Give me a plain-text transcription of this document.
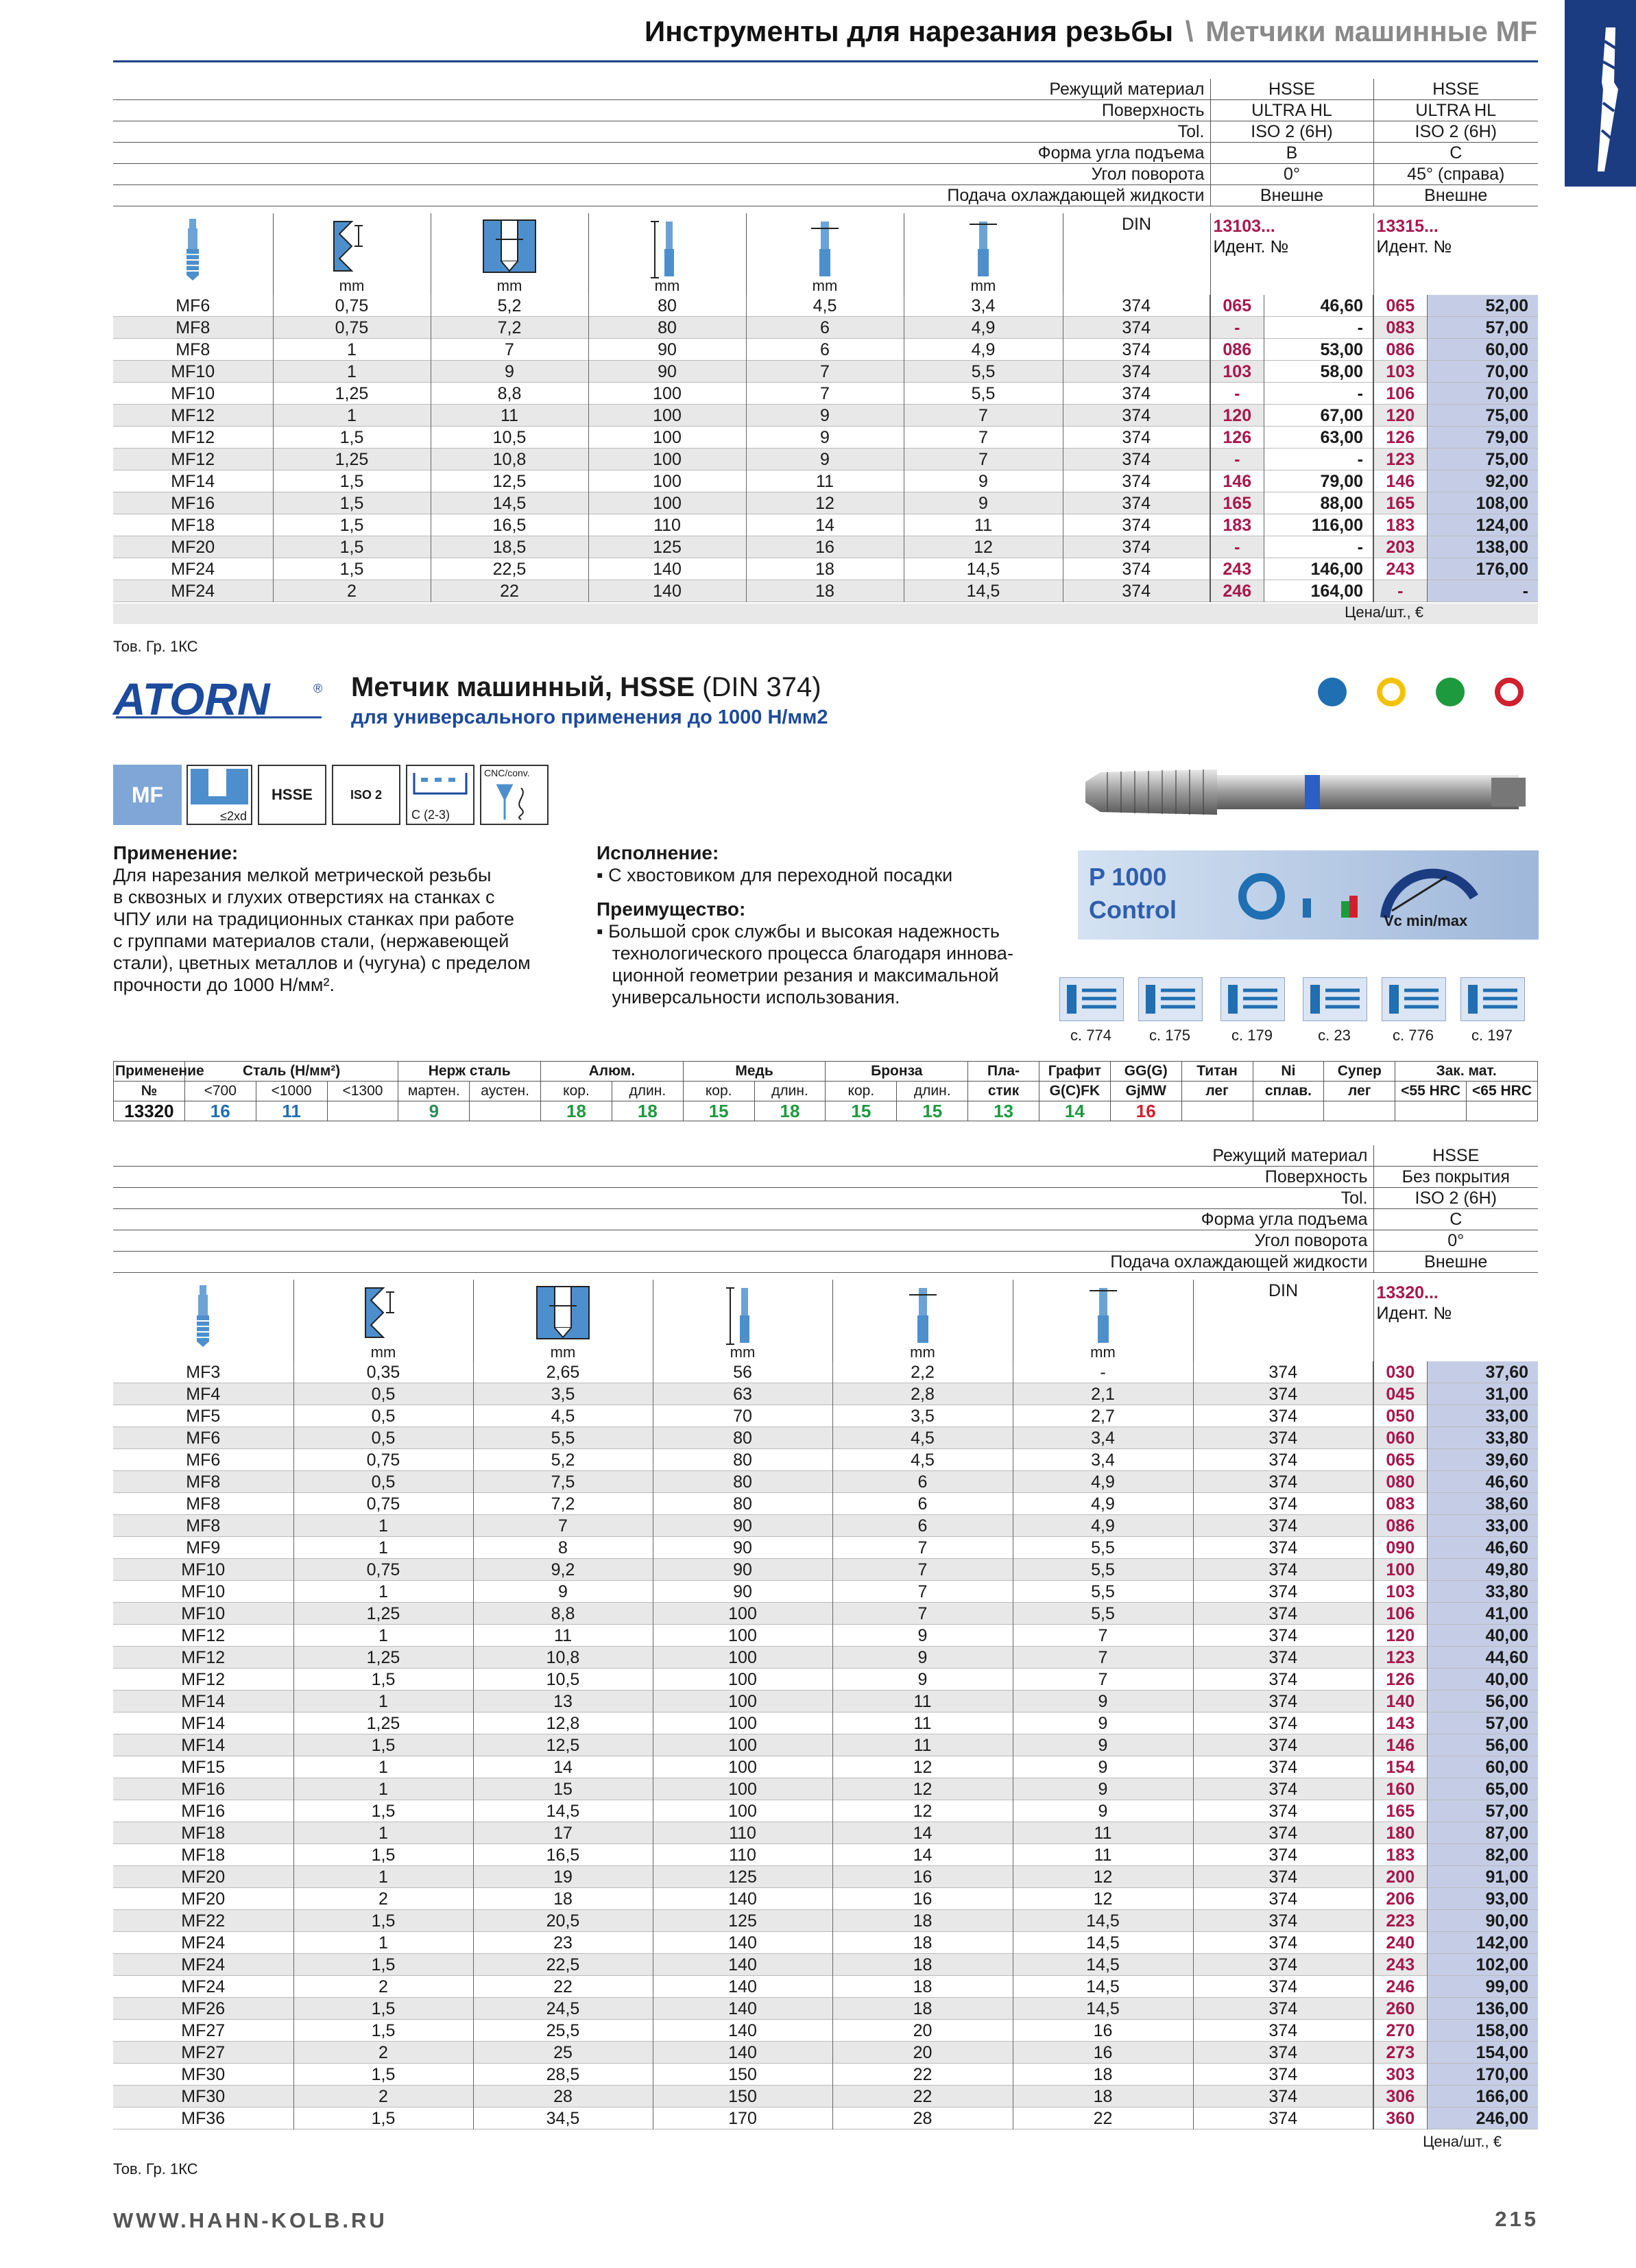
Инструменты для нарезания резьбы \ Метчики машинные MF
Режущий материал	HSSE	HSSE
Поверхность	ULTRA HL	ULTRA HL
Tol.	ISO 2 (6H)	ISO 2 (6H)
Форма угла подъема	B	C
Угол поворота	0°	45° (справа)
Подача охлаждающей жидкости	Внешне	Внешне

mm	mm	mm	mm	mm
	DIN	13103...
Идент. №
	13315...
Идент. №
MF6	0,75	5,2	80	4,5	3,4	374	065	46,60	065	52,00
MF8	0,75	7,2	80	6	4,9	374	-	-	083	57,00
MF8	1	7	90	6	4,9	374	086	53,00	086	60,00
MF10	1	9	90	7	5,5	374	103	58,00	103	70,00
MF10	1,25	8,8	100	7	5,5	374	-	-	106	70,00
MF12	1	11	100	9	7	374	120	67,00	120	75,00
MF12	1,5	10,5	100	9	7	374	126	63,00	126	79,00
MF12	1,25	10,8	100	9	7	374	-	-	123	75,00
MF14	1,5	12,5	100	11	9	374	146	79,00	146	92,00
MF16	1,5	14,5	100	12	9	374	165	88,00	165	108,00
MF18	1,5	16,5	110	14	11	374	183	116,00	183	124,00
MF20	1,5	18,5	125	16	12	374	-	-	203	138,00
MF24	1,5	22,5	140	18	14,5	374	243	146,00	243	176,00
MF24	2	22	140	18	14,5	374	246	164,00	-	-
Цена/шт., €
Тов. Гр. 1КС
ATORN	® Метчик машинный, HSSE (DIN 374)
для универсального применения до 1000 Н/мм2
MF
≤2xd
HSSE	ISO 2
C (2-3)
CNC/conv.
Применение:
Для нарезания мелкой метрической резьбы
в сквозных и глухих отверстиях на станках с
ЧПУ или на традиционных станках при работе
с группами материалов стали, (нержавеющей
стали), цветных металлов и (чугуна) с пределом
прочности до 1000 Н/мм².
Исполнение:
▪ С хвостовиком для переходной посадки
Преимущество:
▪ Большой срок службы и высокая надежность
технологического процесса благодаря иннова-
ционной геометрии резания и максимальной
универсальности использования.
P 1000
Control	Vc min/max
с. 774	с. 175	с. 179	с. 23	с. 776	с. 197
Применение	Сталь (Н/мм²)			Нерж сталь		Алюм.		Медь		Бронза		Пла-	Графит	GG(G)	Титан	Ni	Супер	Зак. мат.	
№	<700	<1000	<1300	мартен.	аустен.	кор.	длин.	кор.	длин.	кор.	длин.	стик	G(C)FK	GjMW	лег	сплав.	лег	<55 HRC	<65 HRC
13320	16	11		9		18	18	15	18	15	15	13	14	16					
Режущий материал	HSSE
Поверхность	Без покрытия
Tol.	ISO 2 (6H)
Форма угла подъема	C
Угол поворота	0°
Подача охлаждающей жидкости	Внешне

mm	mm	mm	mm	mm
	DIN	13320...
Идент. №
MF3	0,35	2,65	56	2,2	-	374	030	37,60
MF4	0,5	3,5	63	2,8	2,1	374	045	31,00
MF5	0,5	4,5	70	3,5	2,7	374	050	33,00
MF6	0,5	5,5	80	4,5	3,4	374	060	33,80
MF6	0,75	5,2	80	4,5	3,4	374	065	39,60
MF8	0,5	7,5	80	6	4,9	374	080	46,60
MF8	0,75	7,2	80	6	4,9	374	083	38,60
MF8	1	7	90	6	4,9	374	086	33,00
MF9	1	8	90	7	5,5	374	090	46,60
MF10	0,75	9,2	90	7	5,5	374	100	49,80
MF10	1	9	90	7	5,5	374	103	33,80
MF10	1,25	8,8	100	7	5,5	374	106	41,00
MF12	1	11	100	9	7	374	120	40,00
MF12	1,25	10,8	100	9	7	374	123	44,60
MF12	1,5	10,5	100	9	7	374	126	40,00
MF14	1	13	100	11	9	374	140	56,00
MF14	1,25	12,8	100	11	9	374	143	57,00
MF14	1,5	12,5	100	11	9	374	146	56,00
MF15	1	14	100	12	9	374	154	60,00
MF16	1	15	100	12	9	374	160	65,00
MF16	1,5	14,5	100	12	9	374	165	57,00
MF18	1	17	110	14	11	374	180	87,00
MF18	1,5	16,5	110	14	11	374	183	82,00
MF20	1	19	125	16	12	374	200	91,00
MF20	2	18	140	16	12	374	206	93,00
MF22	1,5	20,5	125	18	14,5	374	223	90,00
MF24	1	23	140	18	14,5	374	240	142,00
MF24	1,5	22,5	140	18	14,5	374	243	102,00
MF24	2	22	140	18	14,5	374	246	99,00
MF26	1,5	24,5	140	18	14,5	374	260	136,00
MF27	1,5	25,5	140	20	16	374	270	158,00
MF27	2	25	140	20	16	374	273	154,00
MF30	1,5	28,5	150	22	18	374	303	170,00
MF30	2	28	150	22	18	374	306	166,00
MF36	1,5	34,5	170	28	22	374	360	246,00
Цена/шт., €
Тов. Гр. 1КС
WWW.HAHN-KOLB.RU	215
